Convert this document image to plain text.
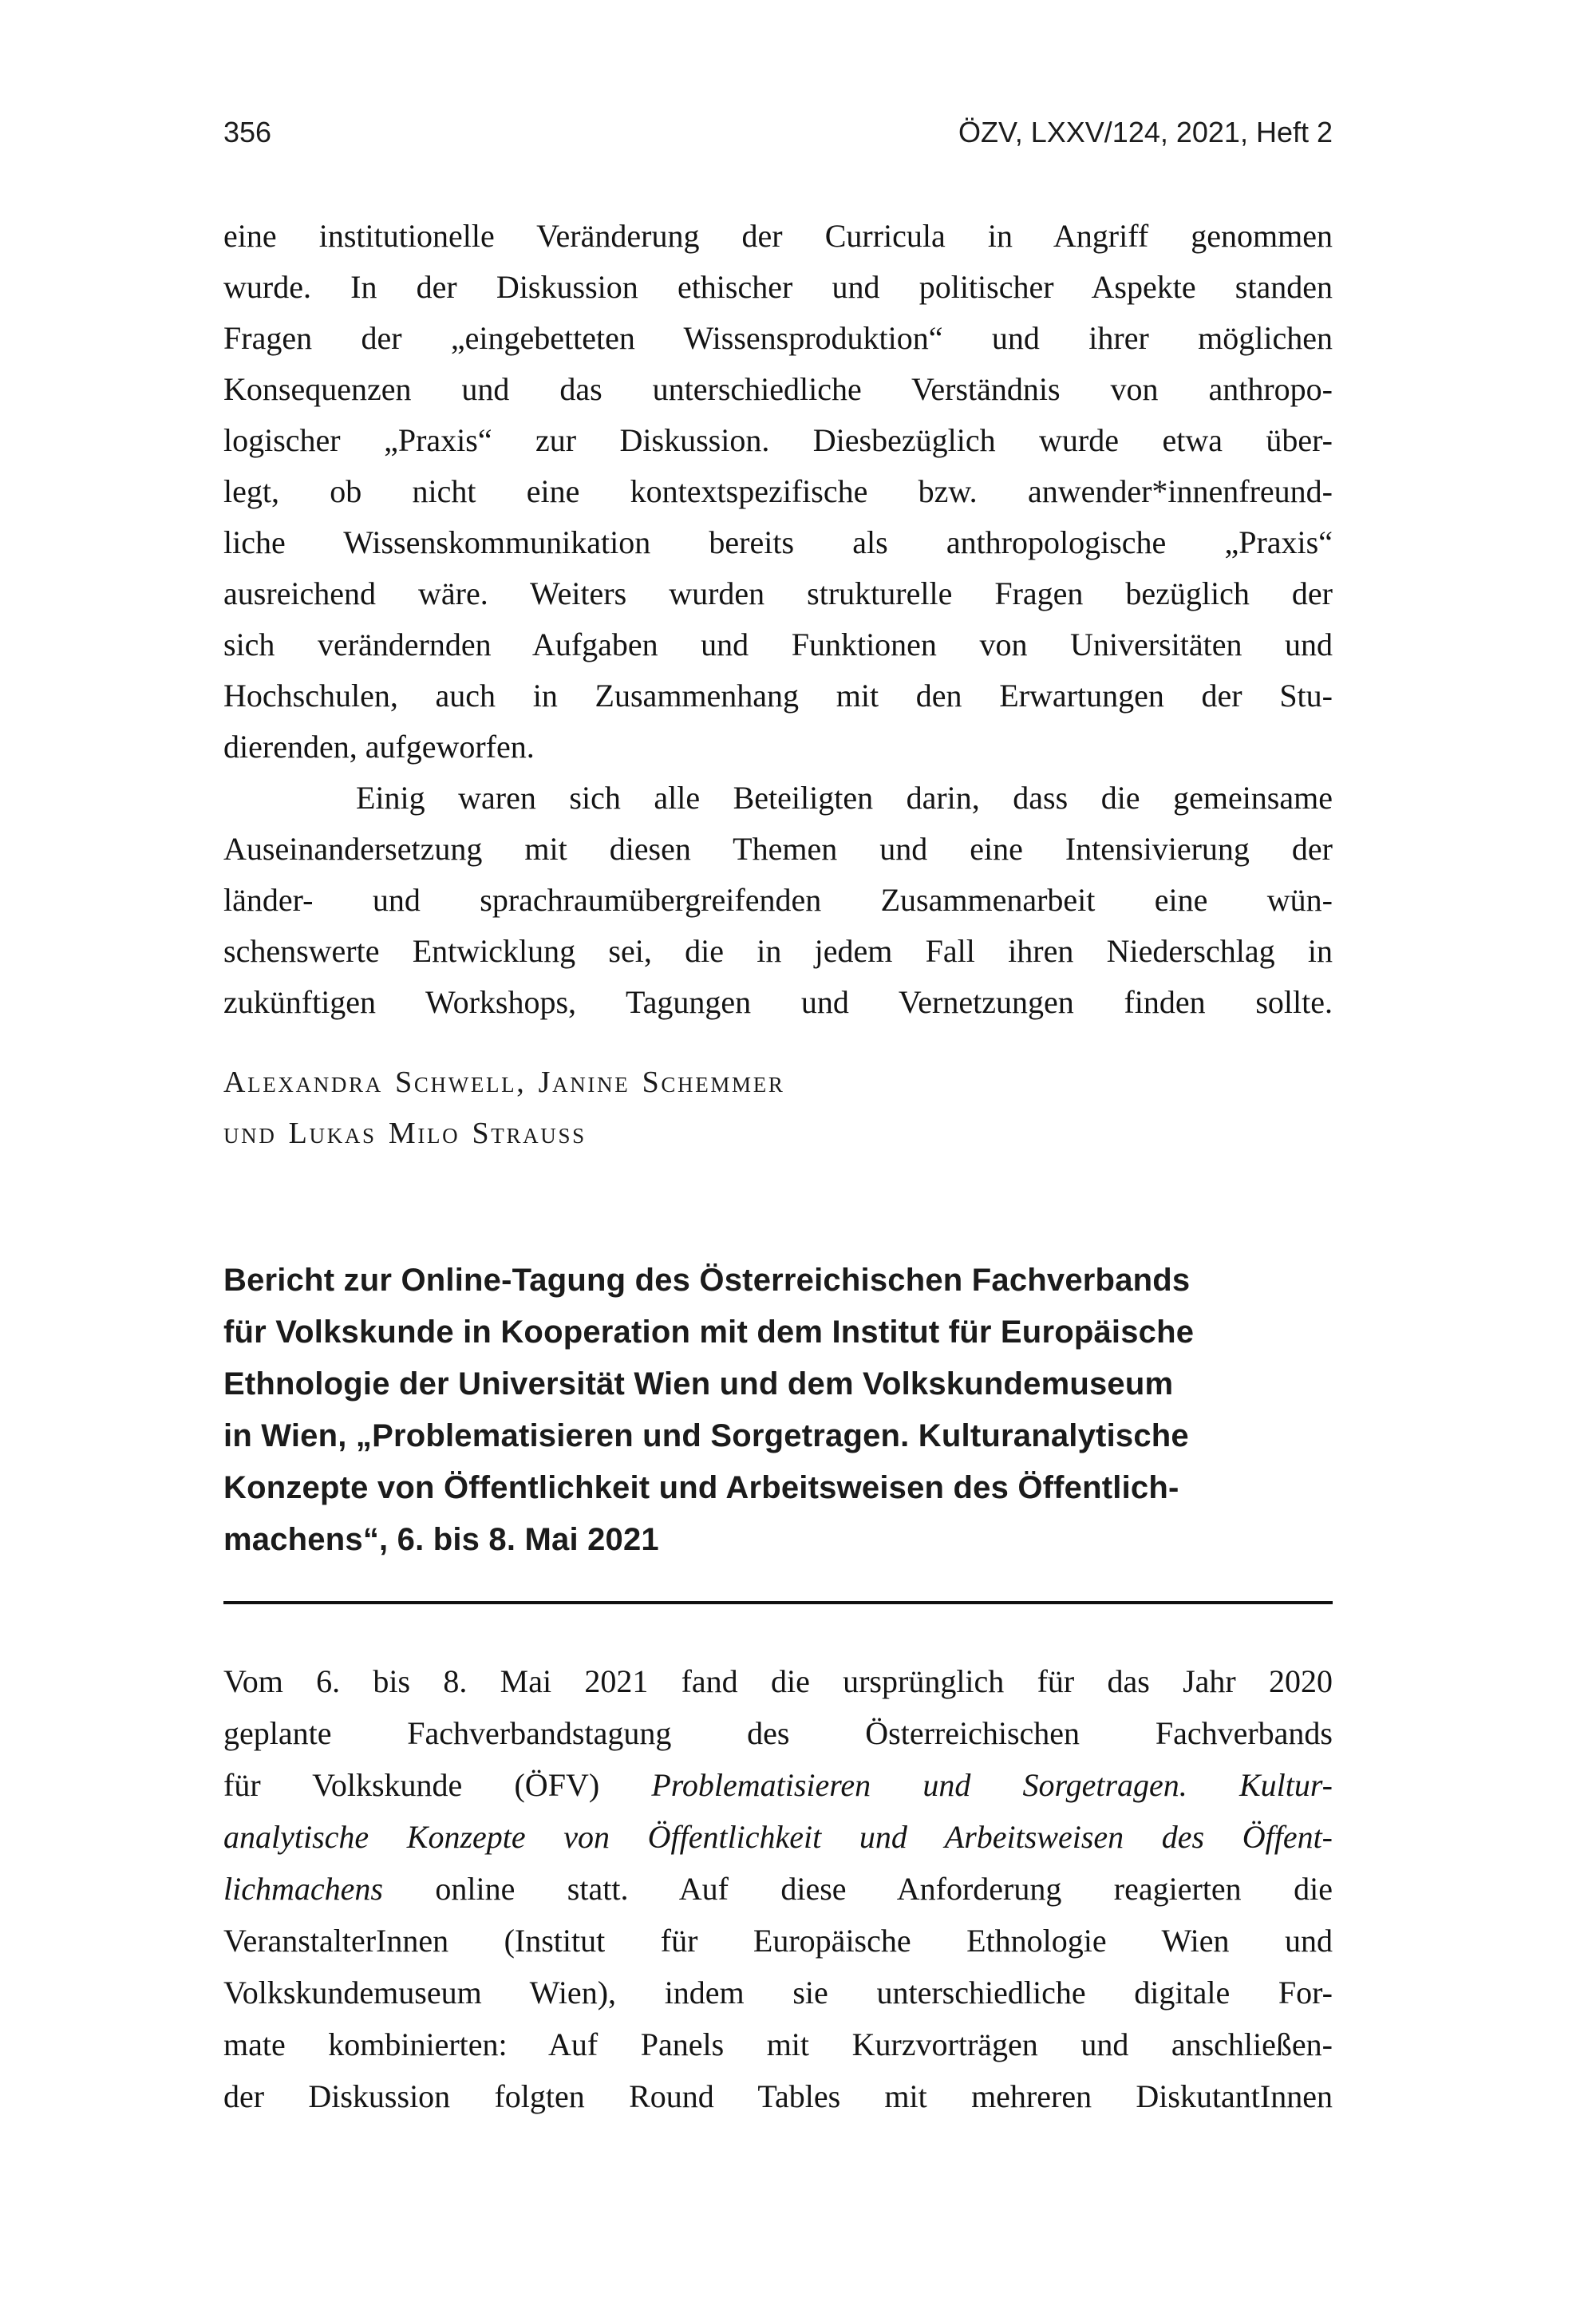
356	ÖZV, LXXV/124, 2021, Heft 2
eine institutionelle Veränderung der Curricula in Angriff genommen
wurde. In der Diskussion ethischer und politischer Aspekte standen
Fragen der „eingebetteten Wissensproduktion“ und ihrer möglichen
Konsequenzen und das unterschiedliche Verständnis von anthropo-
logischer „Praxis“ zur Diskussion. Diesbezüglich wurde etwa über-
legt, ob nicht eine kontextspezifische bzw. anwender*innenfreund-
liche Wissenskommunikation bereits als anthropologische „Praxis“
ausreichend wäre. Weiters wurden strukturelle Fragen bezüglich der
sich verändernden Aufgaben und Funktionen von Universitäten und
Hochschulen, auch in Zusammenhang mit den Erwartungen der Stu-
dierenden, aufgeworfen.
Einig waren sich alle Beteiligten darin, dass die gemeinsame
Auseinandersetzung mit diesen Themen und eine Intensivierung der
länder- und sprachraumübergreifenden Zusammenarbeit eine wün-
schenswerte Entwicklung sei, die in jedem Fall ihren Niederschlag in
zukünftigen Workshops, Tagungen und Vernetzungen finden sollte.
Alexandra Schwell, Janine Schemmer
und Lukas Milo Strauss
Bericht zur Online-Tagung des Österreichischen Fachverbands
für Volkskunde in Kooperation mit dem Institut für Europäische
Ethnologie der Universität Wien und dem Volkskundemuseum
in Wien, „Problematisieren und Sorgetragen. Kulturanalytische
Konzepte von Öffentlichkeit und Arbeitsweisen des Öffentlich-
machens“, 6. bis 8. Mai 2021
Vom 6. bis 8. Mai 2021 fand die ursprünglich für das Jahr 2020
geplante Fachverbandstagung des Österreichischen Fachverbands
für Volkskunde (ÖFV) Problematisieren und Sorgetragen. Kultur-
analytische Konzepte von Öffentlichkeit und Arbeitsweisen des Öffent-
lichmachens online statt. Auf diese Anforderung reagierten die
VeranstalterInnen (Institut für Europäische Ethnologie Wien und
Volkskundemuseum Wien), indem sie unterschiedliche digitale For-
mate kombinierten: Auf Panels mit Kurzvorträgen und anschließen-
der Diskussion folgten Round Tables mit mehreren DiskutantInnen
